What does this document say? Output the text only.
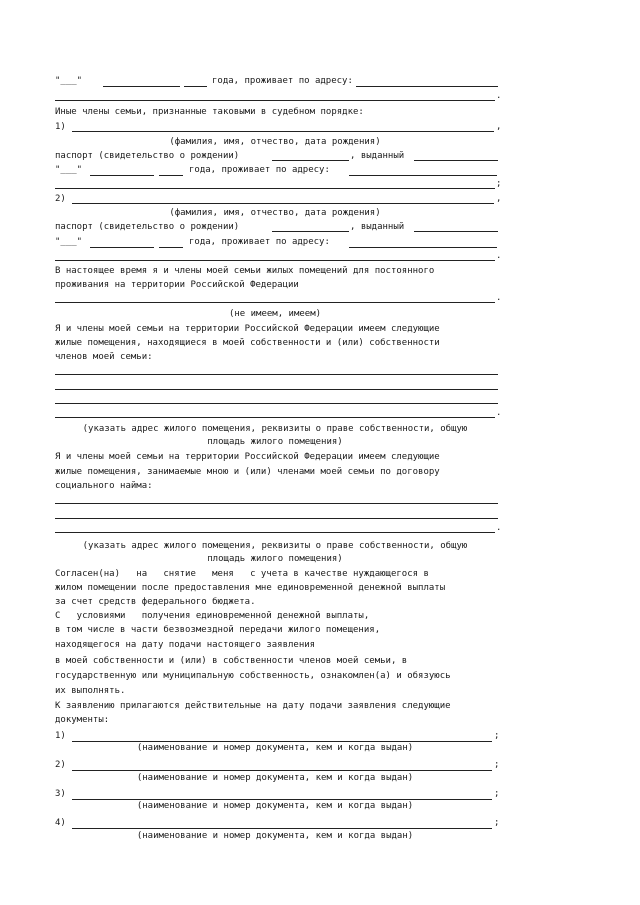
"___"	года, проживает по адресу:
.
Иные члены семьи, признанные таковыми в судебном порядке:
1)	,
(фамилия, имя, отчество, дата рождения)
паспорт (свидетельство о рождении)	, выданный
"___"	года, проживает по адресу:
;
2)	,
(фамилия, имя, отчество, дата рождения)
паспорт (свидетельство о рождении)	, выданный
"___"	года, проживает по адресу:
.
В настоящее время я и члены моей семьи жилых помещений для постоянного
проживания на территории Российской Федерации
.
(не имеем, имеем)
Я и члены моей семьи на территории Российской Федерации имеем следующие
жилые помещения, находящиеся в моей собственности и (или) собственности
членов моей семьи:
.
(указать адрес жилого помещения, реквизиты о праве собственности, общую
площадь жилого помещения)
Я и члены моей семьи на территории Российской Федерации имеем следующие
жилые помещения, занимаемые мною и (или) членами моей семьи по договору
социального найма:
.
(указать адрес жилого помещения, реквизиты о праве собственности, общую
площадь жилого помещения)
Согласен(на)   на   снятие   меня   с учета в качестве нуждающегося в
жилом помещении после предоставления мне единовременной денежной выплаты
за счет средств федерального бюджета.
С   условиями   получения единовременной денежной выплаты,
в том числе в части безвозмездной передачи жилого помещения,
находящегося на дату подачи настоящего заявления
в моей собственности и (или) в собственности членов моей семьи, в
государственную или муниципальную собственность, ознакомлен(а) и обязуюсь
их выполнять.
К заявлению прилагаются действительные на дату подачи заявления следующие
документы:
1)	;
(наименование и номер документа, кем и когда выдан)
2)	;
(наименование и номер документа, кем и когда выдан)
3)	;
(наименование и номер документа, кем и когда выдан)
4)	;
(наименование и номер документа, кем и когда выдан)
